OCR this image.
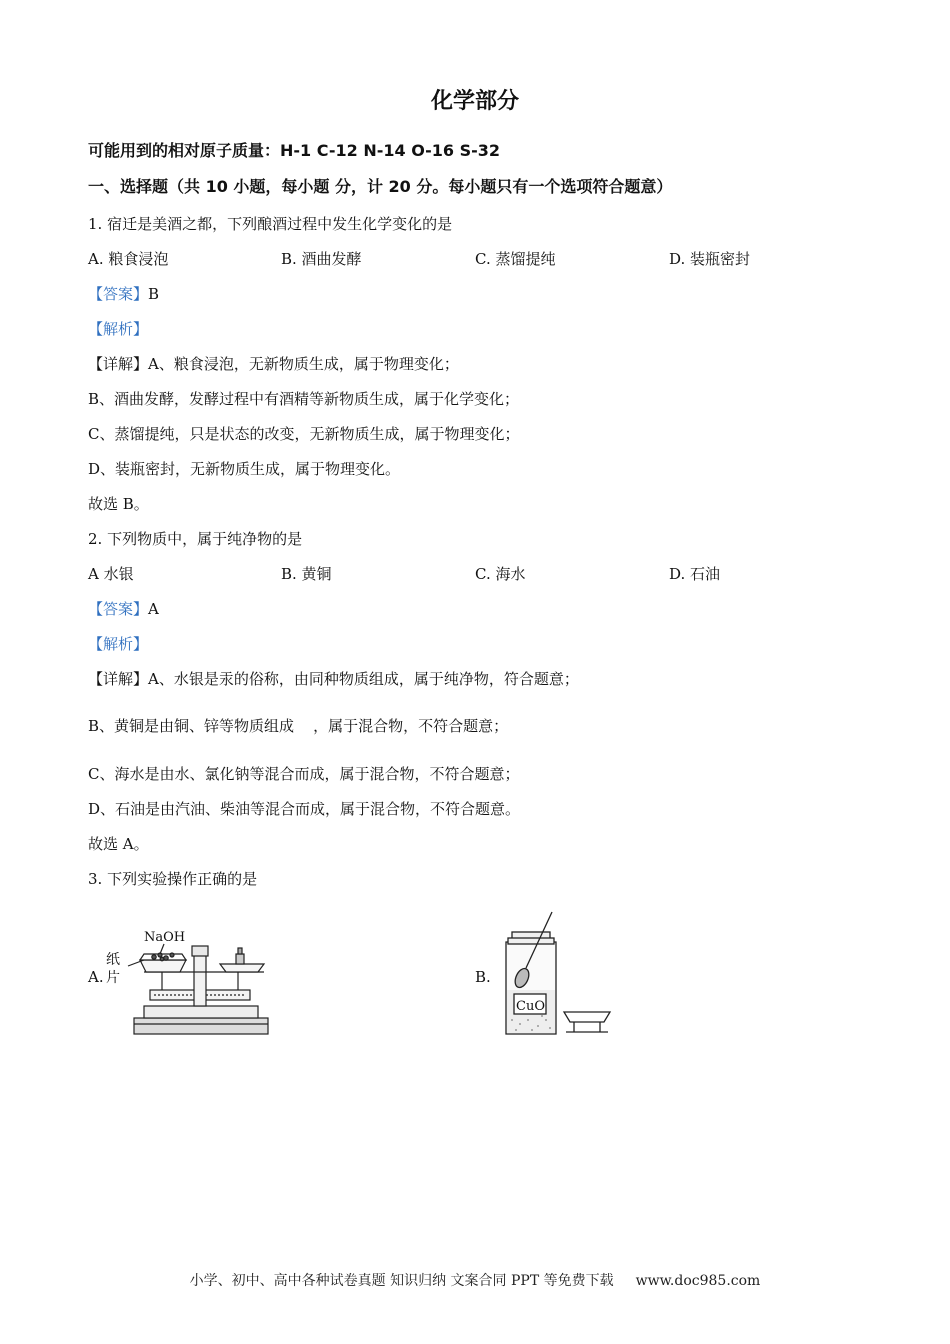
化学部分
可能用到的相对原子质量：H-1 C-12 N-14 O-16 S-32
一、选择题（共 10 小题，每小题 分，计 20 分。每小题只有一个选项符合题意）
1. 宿迁是美酒之都，下列酿酒过程中发生化学变化的是
A. 粮食浸泡	B. 酒曲发酵	C. 蒸馏提纯	D. 装瓶密封
【答案】B
【解析】
【详解】A、粮食浸泡，无新物质生成，属于物理变化；
B、酒曲发酵，发酵过程中有酒精等新物质生成，属于化学变化；
C、蒸馏提纯，只是状态的改变，无新物质生成，属于物理变化；
D、装瓶密封，无新物质生成，属于物理变化。
故选 B。
2. 下列物质中，属于纯净物的是
A 水银	B. 黄铜	C. 海水	D. 石油
【答案】A
【解析】
【详解】A、水银是汞的俗称，由同种物质组成，属于纯净物，符合题意；
B、黄铜是由铜、锌等物质组成    ，属于混合物，不符合题意；
C、海水是由水、氯化钠等混合而成，属于混合物，不符合题意；
D、石油是由汽油、柴油等混合而成，属于混合物，不符合题意。
故选 A。
3. 下列实验操作正确的是
A.	B.
NaOH
纸
片
CuO
小学、初中、高中各种试卷真题 知识归纳 文案合同 PPT 等免费下载 www.doc985.com
